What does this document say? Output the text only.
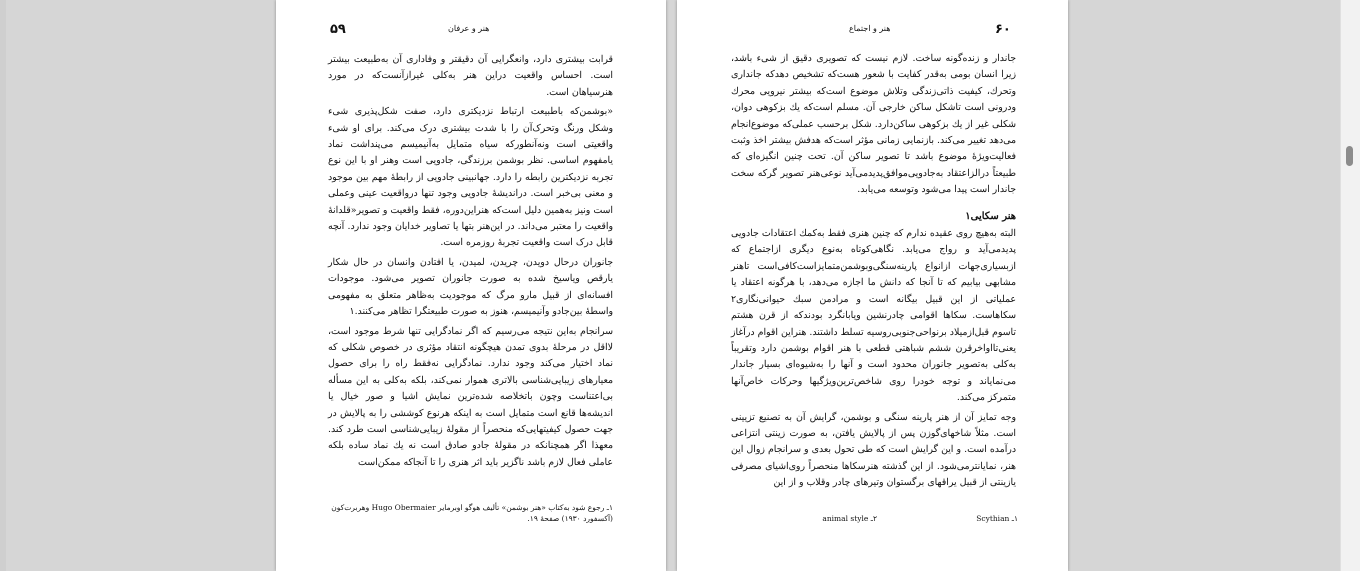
۵۹	هنر و عرفان

قرابت بیشتری دارد، وانعگرایی آن دقیقتر و وفاداری آن به‌طبیعت بیشتر است. احساس واقعیت دراین هنر به‌کلی غیرازآنست‌که در مورد هنرسیاهان است.

«بوشمن‌که باطبیعت ارتباط نزدیکتری دارد، صفت شکل‌پذیری شیء وشکل ورنگ وتحرک‌آن را با شدت بیشتری درک می‌کند. برای او شیء واقعیتی است ونه‌آنطورکه سیاه متمایل به‌آنیمیسم می‌پنداشت نماد یامفهوم اساسی. نظر بوشمن برزندگی، جادویی است وهنر او با این نوع تجربه نزدیکترین رابطه را دارد. جهانبینی جادویی از رابطهٔ مهم بین موجود و معنی بی‌خبر است. دراندیشهٔ جادویی وجود تنها درواقعیت عینی وعملی است ونیز به‌همین دلیل است‌که هنراین‌دوره، فقط واقعیت و تصویر«قلدانهٔ واقعیت را معتبر می‌داند. در این‌هنر بتها یا تصاویر خدایان وجود ندارد. آنچه قابل درک است واقعیت تجربهٔ روزمره است.

جانوران درحال دویدن، چریدن، لمیدن، یا افتادن وانسان در حال شکار یارقص ویاسیخ شده به صورت جانوران تصویر می‌شود. موجودات افسانه‌ای از قبیل مارو مرگ که موجودیت به‌ظاهر متعلق به مفهومی واسطهٔ بین‌جادو وآنیمیسم، هنوز به صورت طبیعتگرا تظاهر می‌کنند.۱

سرانجام به‌این نتیجه می‌رسیم که اگر نمادگرایی تنها شرط موجود است، لااقل در مرحلهٔ بدوی تمدن هیچگونه انتقاد مؤثری در خصوص شکلی که نماد اختیار می‌کند وجود ندارد. نمادگرایی نه‌فقط راه را برای حصول معیارهای زیبایی‌شناسی بالاتری هموار نمی‌کند، بلکه به‌کلی به این مسأله بی‌اعتناست وچون باتخلاصه شده‌ترین نمایش اشیا و صور خیال یا اندیشه‌ها قانع است متمایل است به اینکه هرنوع کوششی را به پالایش در جهت حصول کیفیتهایی‌که منحصراً از مقولهٔ زیبایی‌شناسی است طرد کند. معهذا اگر همچنانکه در مقولهٔ جادو صادق است نه یك نماد ساده بلکه عاملی فعال لازم باشد ناگزیر باید اثر هنری را تا آنجاکه ممکن‌است

۱ـ رجوع شود به‌کتاب «هنر بوشمن» تألیف هوگو اوبرمایر Hugo Obermaier وهربرت‌کون (آکسفورد ۱۹۳۰) صفحهٔ ۱۹.
۶۰
هنر و اجتماع

جاندار و زنده‌گونه ساخت. لازم نیست که تصویری دقیق از شیء باشد، زیرا انسان بومی به‌قدر کفایت با شعور هست‌که تشخیص دهدکه جانداری وتحرك، کیفیت ذاتی‌زندگی وتلاش موضوع است‌که بیشتر نیرویی محرك ودرونی است تاشکل ساکن خارجی آن. مسلم است‌که یك بزکوهی دوان، شکلی غیر از یك بزکوهی ساکن‌دارد. شکل برحسب عملی‌که موضوع‌انجام می‌دهد تغییر می‌کند. بازنمایی زمانی مؤثر است‌که هدفش بیشتر اخذ وثبت فعالیت‌ویژهٔ موضوع باشد تا تصویر ساکن آن. تحت چنین انگیزه‌ای که طبیعتاً درالزاعتقاد به‌جادویی‌موافق‌پدیدمی‌آید نوعی‌هنر تصویر گرکه سخت جاندار است پیدا می‌شود وتوسعه می‌یابد.

هنر سکایی۱

البته به‌هیچ روی عقیده ندارم که چنین هنری فقط به‌کمك اعتقادات جادویی پدیدمی‌آید و رواج می‌یابد. نگاهی‌کوتاه به‌نوع دیگری ازاجتماع که ازبسیاری‌جهات ازانواع پارینه‌سنگی‌وبوشمن‌متمایزاست‌کافی‌است تاهنر مشابهی بیابیم که تا آنجا که دانش ما اجازه می‌دهد، با هرگونه اعتقاد یا عملیاتی از این قبیل بیگانه است و مرادمن سبك حیوانی‌نگاری۲ سکاهاست. سکاها اقوامی چادرنشین ویابانگرد بودندکه از قرن هشتم تاسوم قبل‌ازمیلاد برنواحی‌جنوبی‌روسیه تسلط داشتند. هنراین اقوام درآغاز یعنی‌تااواخرقرن ششم شباهتی قطعی با هنر اقوام بوشمن دارد وتقریباً به‌کلی به‌تصویر جانوران محدود است و آنها را به‌شیوه‌ای بسیار جاندار می‌نمایاند و توجه خودرا روی شاخص‌ترین‌ویژگیها وحرکات خاص‌آنها متمرکز می‌کند.

وجه تمایز آن از هنر پارینه سنگی و بوشمن، گرایش آن به تصنیع تزیینی است. مثلاً شاخهای‌گوزن پس از پالایش یافتن، به صورت زینتی انتزاعی درآمده است. و این گرایش است که طی تحول بعدی و سرانجام زوال این هنر، نمایانترمی‌شود. از این گذشته هنرسکاها منحصراً روی‌اشیای مصرفی یازینتی از قبیل یراقهای برگستوان وتیرهای چادر وقلاب و از این

۱ـ Scythian
۲ـ animal style
